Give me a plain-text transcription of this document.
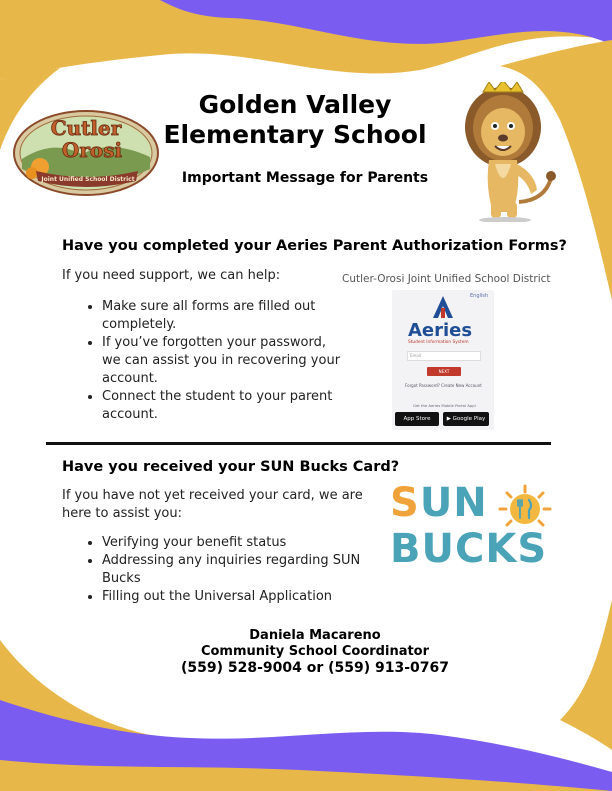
Cutler
Orosi
Joint Unified School District
Golden Valley
Elementary School
Important Message for Parents
Have you completed your Aeries Parent Authorization Forms?
If you need support, we can help:
• Make sure all forms are filled out completely.
• If you’ve forgotten your password, we can assist you in recovering your account.
• Connect the student to your parent account.
Cutler-Orosi Joint Unified School District
English
Aeries
Student Information System
Email
NEXT
Forgot Password? Create New Account
Get the Aeries Mobile Portal App!
App Store	▶ Google Play
Have you received your SUN Bucks Card?
If you have not yet received your card, we are here to assist you:
• Verifying your benefit status
• Addressing any inquiries regarding SUN Bucks
• Filling out the Universal Application
SUN
BUCKS
Daniela Macareno
Community School Coordinator
(559) 528-9004 or (559) 913-0767
